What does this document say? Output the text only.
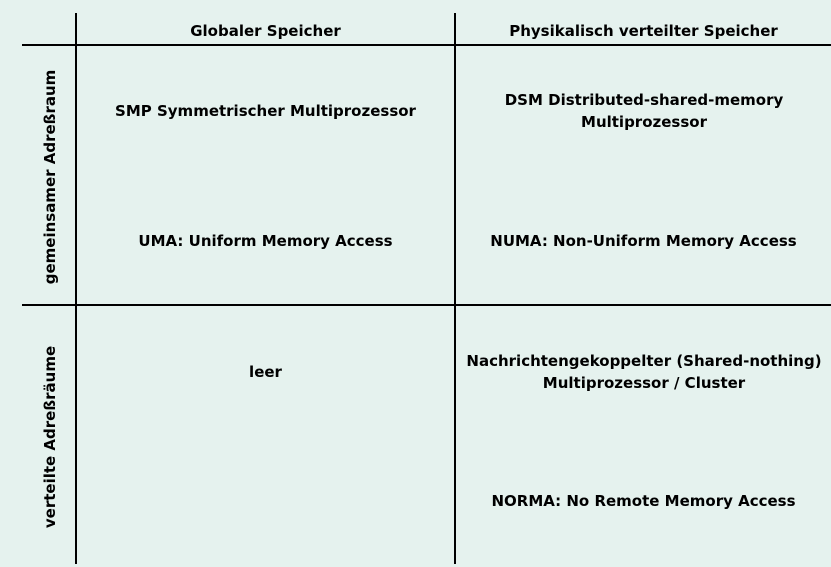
Globaler Speicher	Physikalisch verteilter Speicher
gemeinsamer Adreßraum
verteilte Adreßräume
SMP Symmetrischer Multiprozessor
UMA: Uniform Memory Access
DSM Distributed-shared-memory Multiprozessor
NUMA: Non-Uniform Memory Access
leer
Nachrichtengekoppelter (Shared-nothing) Multiprozessor / Cluster
NORMA: No Remote Memory Access
